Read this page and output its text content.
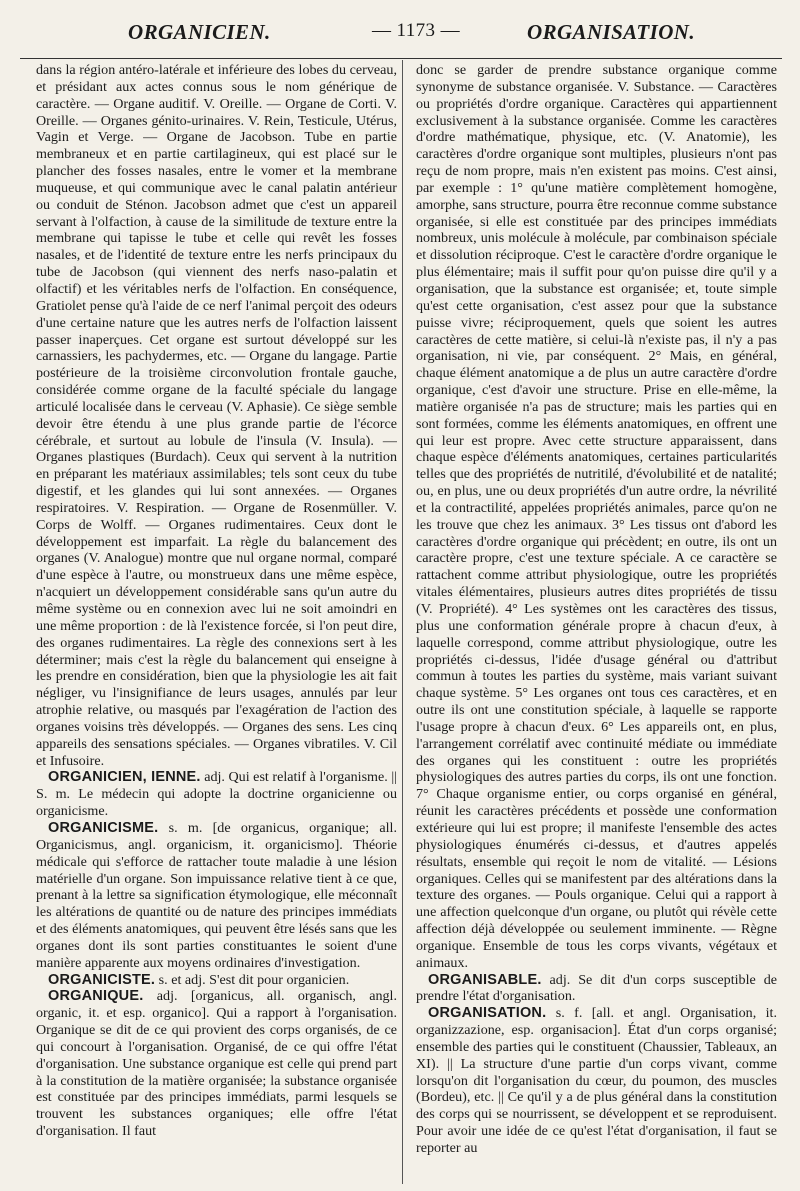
ORGANICIEN.	— 1173 —	ORGANISATION.

dans la région antéro-latérale et inférieure des lobes du cerveau, et présidant aux actes connus sous le nom générique de caractère. — Organe auditif. V. Oreille. — Organe de Corti. V. Oreille. — Organes génito-urinaires. V. Rein, Testicule, Utérus, Vagin et Verge. — Organe de Jacobson. Tube en partie membraneux et en partie cartilagineux, qui est placé sur le plancher des fosses nasales, entre le vomer et la membrane muqueuse, et qui communique avec le canal palatin antérieur ou conduit de Sténon. Jacobson admet que c'est un appareil servant à l'olfaction, à cause de la similitude de texture entre la membrane qui tapisse le tube et celle qui revêt les fosses nasales, et de l'identité de texture entre les nerfs principaux du tube de Jacobson (qui viennent des nerfs naso-palatin et olfactif) et les véritables nerfs de l'olfaction. En conséquence, Gratiolet pense qu'à l'aide de ce nerf l'animal perçoit des odeurs d'une certaine nature que les autres nerfs de l'olfaction laissent passer inaperçues. Cet organe est surtout développé sur les carnassiers, les pachydermes, etc. — Organe du langage. Partie postérieure de la troisième circonvolution frontale gauche, considérée comme organe de la faculté spéciale du langage articulé localisée dans le cerveau (V. Aphasie). Ce siège semble devoir être étendu à une plus grande partie de l'écorce cérébrale, et surtout au lobule de l'insula (V. Insula). — Organes plastiques (Burdach). Ceux qui servent à la nutrition en préparant les matériaux assimilables; tels sont ceux du tube digestif, et les glandes qui lui sont annexées. — Organes respiratoires. V. Respiration. — Organe de Rosenmüller. V. Corps de Wolff. — Organes rudimentaires. Ceux dont le développement est imparfait. La règle du balancement des organes (V. Analogue) montre que nul organe normal, comparé d'une espèce à l'autre, ou monstrueux dans une même espèce, n'acquiert un développement considérable sans qu'un autre du même système ou en connexion avec lui ne soit amoindri en une même proportion : de là l'existence forcée, si l'on peut dire, des organes rudimentaires. La règle des connexions sert à les déterminer; mais c'est la règle du balancement qui enseigne à les prendre en considération, bien que la physiologie les ait fait négliger, vu l'insignifiance de leurs usages, annulés par leur atrophie relative, ou masqués par l'exagération de l'action des organes voisins très développés. — Organes des sens. Les cinq appareils des sensations spéciales. — Organes vibratiles. V. Cil et Infusoire.

ORGANICIEN, IENNE. adj. Qui est relatif à l'organisme. || S. m. Le médecin qui adopte la doctrine organicienne ou organicisme.

ORGANICISME. s. m. [de organicus, organique; all. Organicismus, angl. organicism, it. organicismo]. Théorie médicale qui s'efforce de rattacher toute maladie à une lésion matérielle d'un organe. Son impuissance relative tient à ce que, prenant à la lettre sa signification étymologique, elle méconnaît les altérations de quantité ou de nature des principes immédiats et des éléments anatomiques, qui peuvent être lésés sans que les organes dont ils sont parties constituantes le soient d'une manière apparente aux moyens ordinaires d'investigation.

ORGANICISTE. s. et adj. S'est dit pour organicien.

ORGANIQUE. adj. [organicus, all. organisch, angl. organic, it. et esp. organico]. Qui a rapport à l'organisation. Organique se dit de ce qui provient des corps organisés, de ce qui concourt à l'organisation. Organisé, de ce qui offre l'état d'organisation. Une substance organique est celle qui prend part à la constitution de la matière organisée; la substance organisée est constituée par des principes immédiats, parmi lesquels se trouvent les substances organiques; elle offre l'état d'organisation. Il faut

donc se garder de prendre substance organique comme synonyme de substance organisée. V. Substance. — Caractères ou propriétés d'ordre organique. Caractères qui appartiennent exclusivement à la substance organisée. Comme les caractères d'ordre mathématique, physique, etc. (V. Anatomie), les caractères d'ordre organique sont multiples, plusieurs n'ont pas reçu de nom propre, mais n'en existent pas moins. C'est ainsi, par exemple : 1° qu'une matière complètement homogène, amorphe, sans structure, pourra être reconnue comme substance organisée, si elle est constituée par des principes immédiats nombreux, unis molécule à molécule, par combinaison spéciale et dissolution réciproque. C'est le caractère d'ordre organique le plus élémentaire; mais il suffit pour qu'on puisse dire qu'il y a organisation, que la substance est organisée; et, toute simple qu'est cette organisation, c'est assez pour que la substance puisse vivre; réciproquement, quels que soient les autres caractères de cette matière, si celui-là n'existe pas, il n'y a pas organisation, ni vie, par conséquent. 2° Mais, en général, chaque élément anatomique a de plus un autre caractère d'ordre organique, c'est d'avoir une structure. Prise en elle-même, la matière organisée n'a pas de structure; mais les parties qui en sont formées, comme les éléments anatomiques, en offrent une qui leur est propre. Avec cette structure apparaissent, dans chaque espèce d'éléments anatomiques, certaines particularités telles que des propriétés de nutritilé, d'évolubilité et de natalité; ou, en plus, une ou deux propriétés d'un autre ordre, la névrilité et la contractilité, appelées propriétés animales, parce qu'on ne les trouve que chez les animaux. 3° Les tissus ont d'abord les caractères d'ordre organique qui précèdent; en outre, ils ont un caractère propre, c'est une texture spéciale. A ce caractère se rattachent comme attribut physiologique, outre les propriétés vitales élémentaires, plusieurs autres dites propriétés de tissu (V. Propriété). 4° Les systèmes ont les caractères des tissus, plus une conformation générale propre à chacun d'eux, à laquelle correspond, comme attribut physiologique, outre les propriétés ci-dessus, l'idée d'usage général ou d'attribut commun à toutes les parties du système, mais variant suivant chaque système. 5° Les organes ont tous ces caractères, et en outre ils ont une constitution spéciale, à laquelle se rapporte l'usage propre à chacun d'eux. 6° Les appareils ont, en plus, l'arrangement corrélatif avec continuité médiate ou immédiate des organes qui les constituent : outre les propriétés physiologiques des autres parties du corps, ils ont une fonction. 7° Chaque organisme entier, ou corps organisé en général, réunit les caractères précédents et possède une conformation extérieure qui lui est propre; il manifeste l'ensemble des actes physiologiques énumérés ci-dessus, et d'autres appelés résultats, ensemble qui reçoit le nom de vitalité. — Lésions organiques. Celles qui se manifestent par des altérations dans la texture des organes. — Pouls organique. Celui qui a rapport à une affection quelconque d'un organe, ou plutôt qui révèle cette affection déjà développée ou seulement imminente. — Règne organique. Ensemble de tous les corps vivants, végétaux et animaux.

ORGANISABLE. adj. Se dit d'un corps susceptible de prendre l'état d'organisation.

ORGANISATION. s. f. [all. et angl. Organisation, it. organizzazione, esp. organisacion]. État d'un corps organisé; ensemble des parties qui le constituent (Chaussier, Tableaux, an XI). || La structure d'une partie d'un corps vivant, comme lorsqu'on dit l'organisation du cœur, du poumon, des muscles (Bordeu), etc. || Ce qu'il y a de plus général dans la constitution des corps qui se nourrissent, se développent et se reproduisent. Pour avoir une idée de ce qu'est l'état d'organisation, il faut se reporter au
